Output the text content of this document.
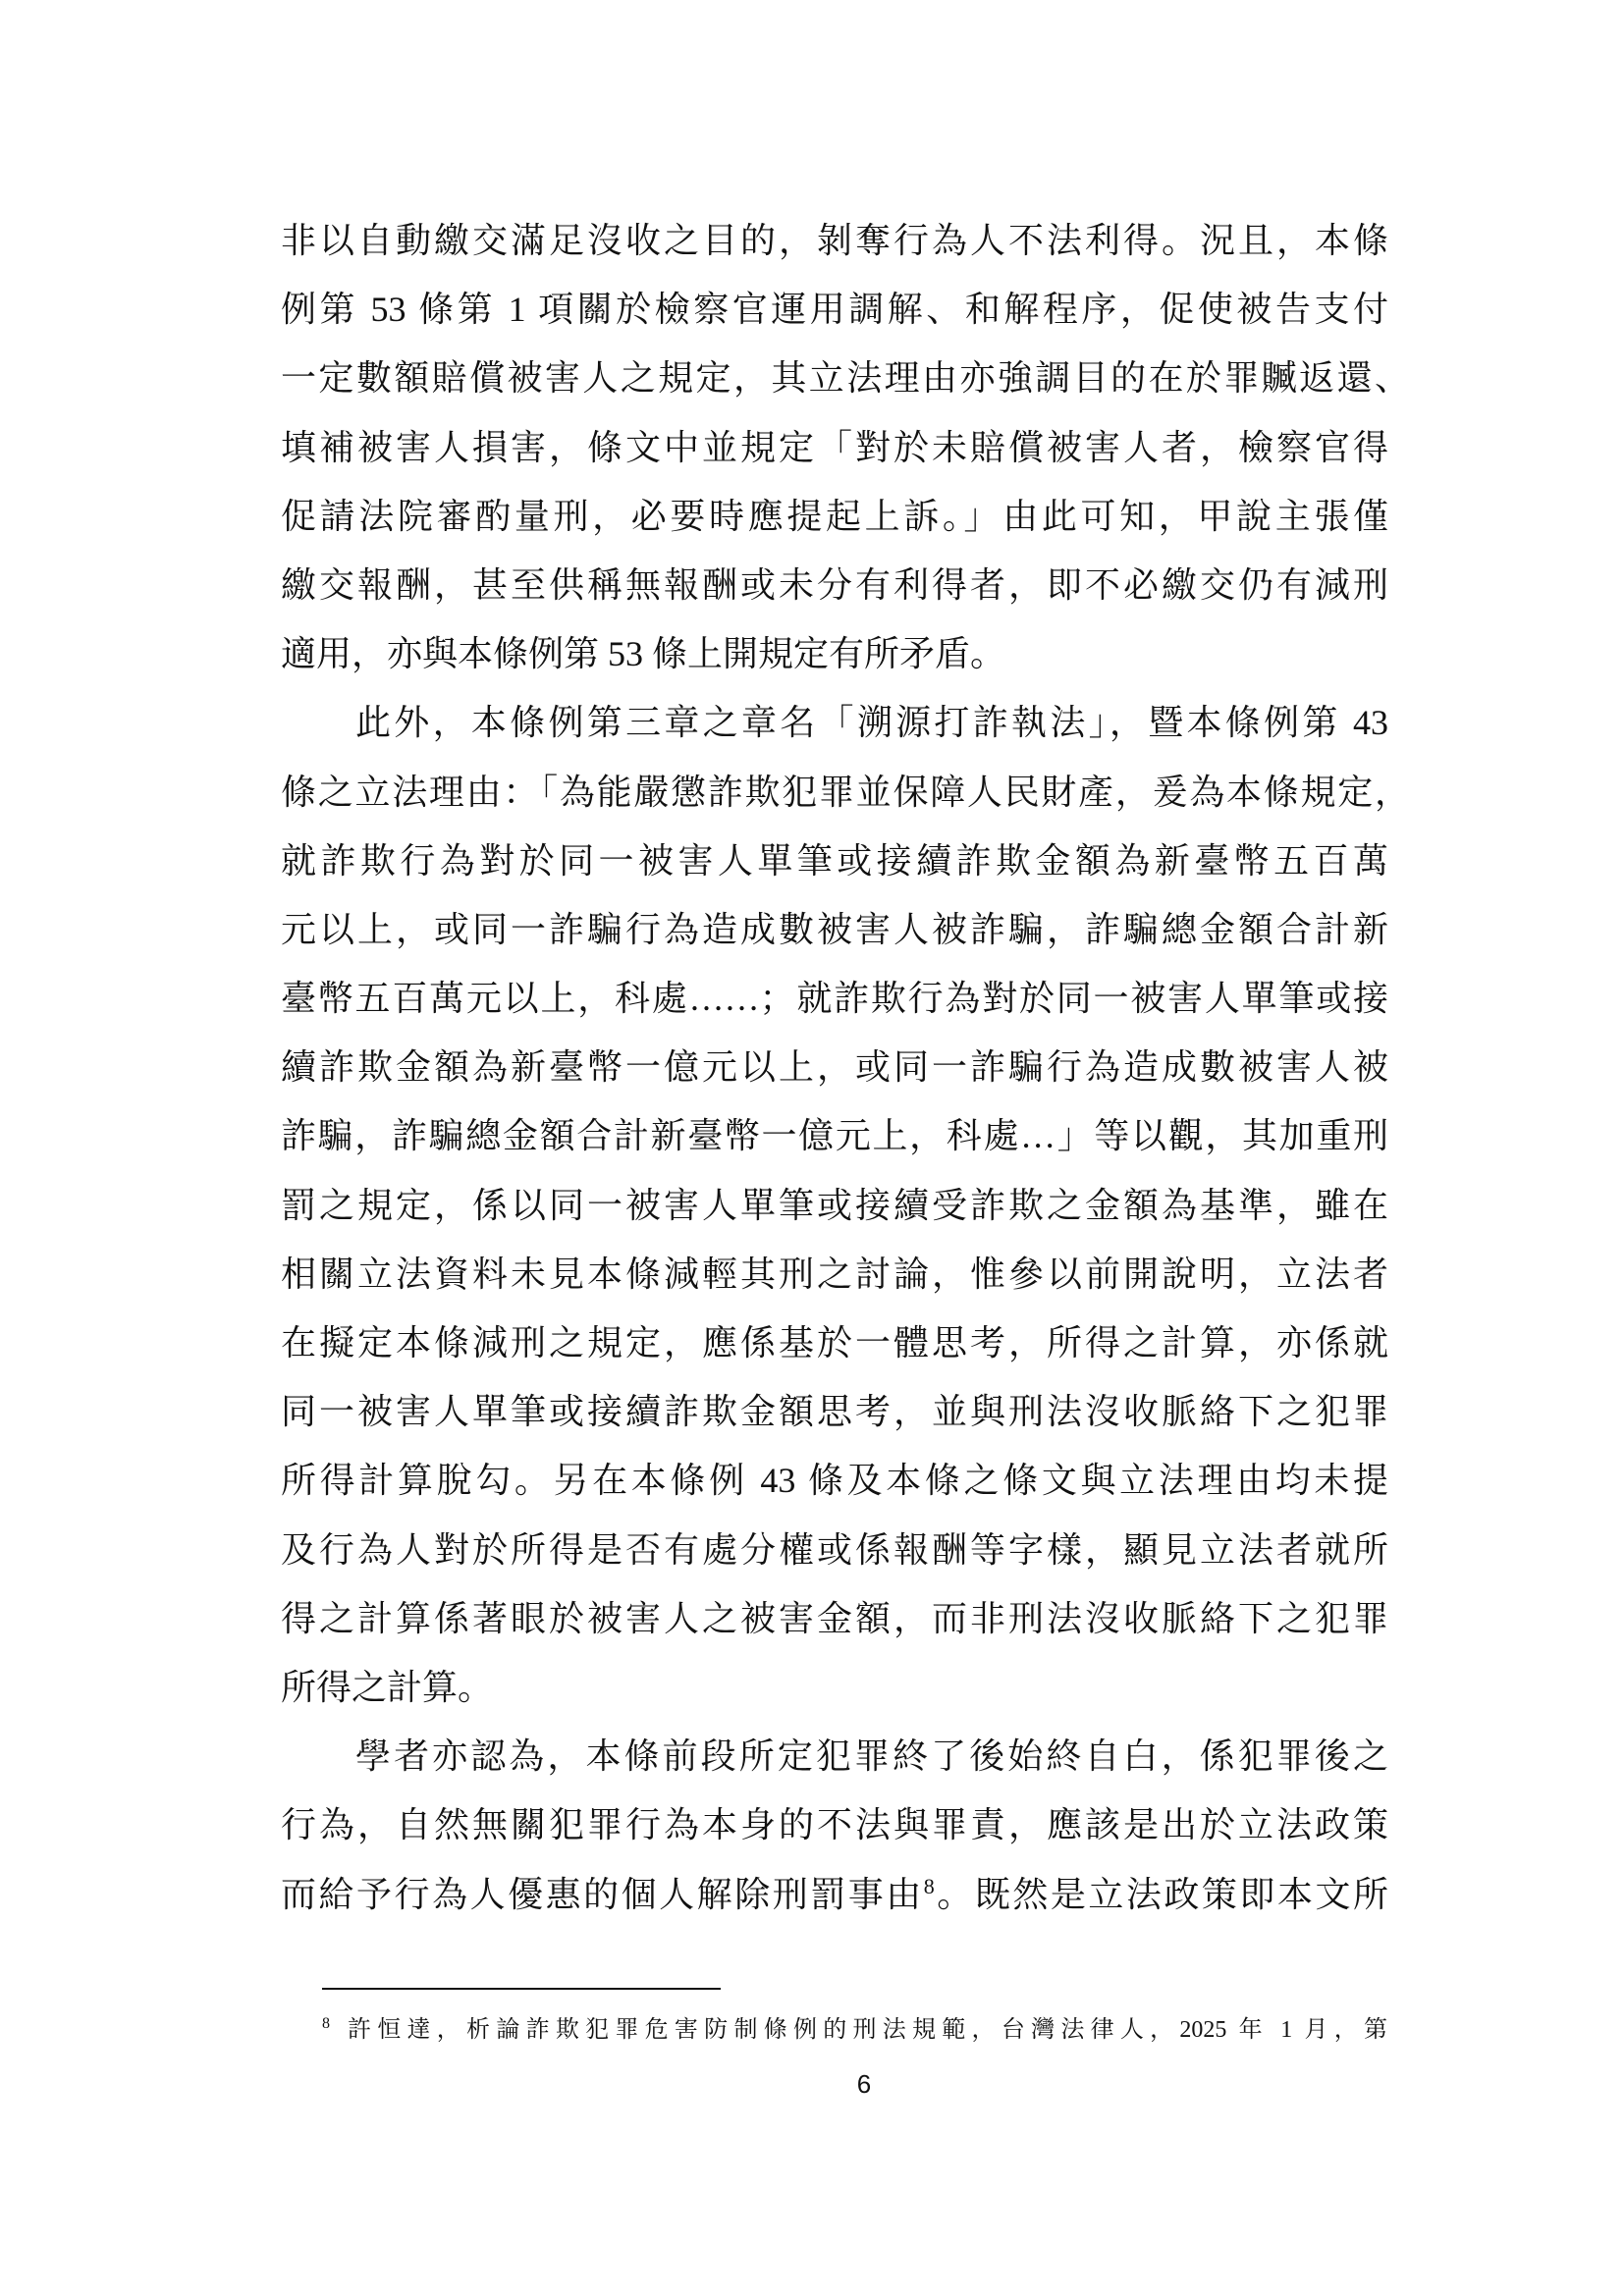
非以自動繳交滿足沒收之目的，剝奪行為人不法利得。況且，本條
例第 53 條第 1 項關於檢察官運用調解、和解程序，促使被告支付
一定數額賠償被害人之規定，其立法理由亦強調目的在於罪贓返還、
填補被害人損害，條文中並規定「對於未賠償被害人者，檢察官得
促請法院審酌量刑，必要時應提起上訴。」由此可知，甲說主張僅
繳交報酬，甚至供稱無報酬或未分有利得者，即不必繳交仍有減刑
適用，亦與本條例第 53 條上開規定有所矛盾。
此外，本條例第三章之章名「溯源打詐執法」，暨本條例第 43
條之立法理由：「為能嚴懲詐欺犯罪並保障人民財產，爰為本條規定，
就詐欺行為對於同一被害人單筆或接續詐欺金額為新臺幣五百萬
元以上，或同一詐騙行為造成數被害人被詐騙，詐騙總金額合計新
臺幣五百萬元以上，科處……；就詐欺行為對於同一被害人單筆或接
續詐欺金額為新臺幣一億元以上，或同一詐騙行為造成數被害人被
詐騙，詐騙總金額合計新臺幣一億元上，科處…」等以觀，其加重刑
罰之規定，係以同一被害人單筆或接續受詐欺之金額為基準，雖在
相關立法資料未見本條減輕其刑之討論，惟參以前開說明，立法者
在擬定本條減刑之規定，應係基於一體思考，所得之計算，亦係就
同一被害人單筆或接續詐欺金額思考，並與刑法沒收脈絡下之犯罪
所得計算脫勾。另在本條例 43 條及本條之條文與立法理由均未提
及行為人對於所得是否有處分權或係報酬等字樣，顯見立法者就所
得之計算係著眼於被害人之被害金額，而非刑法沒收脈絡下之犯罪
所得之計算。
學者亦認為，本條前段所定犯罪終了後始終自白，係犯罪後之
行為，自然無關犯罪行為本身的不法與罪責，應該是出於立法政策
而給予行為人優惠的個人解除刑罰事由$^8$。既然是立法政策即本文所
8 許恒達，析論詐欺犯罪危害防制條例的刑法規範，台灣法律人，2025 年 1 月，第
6
